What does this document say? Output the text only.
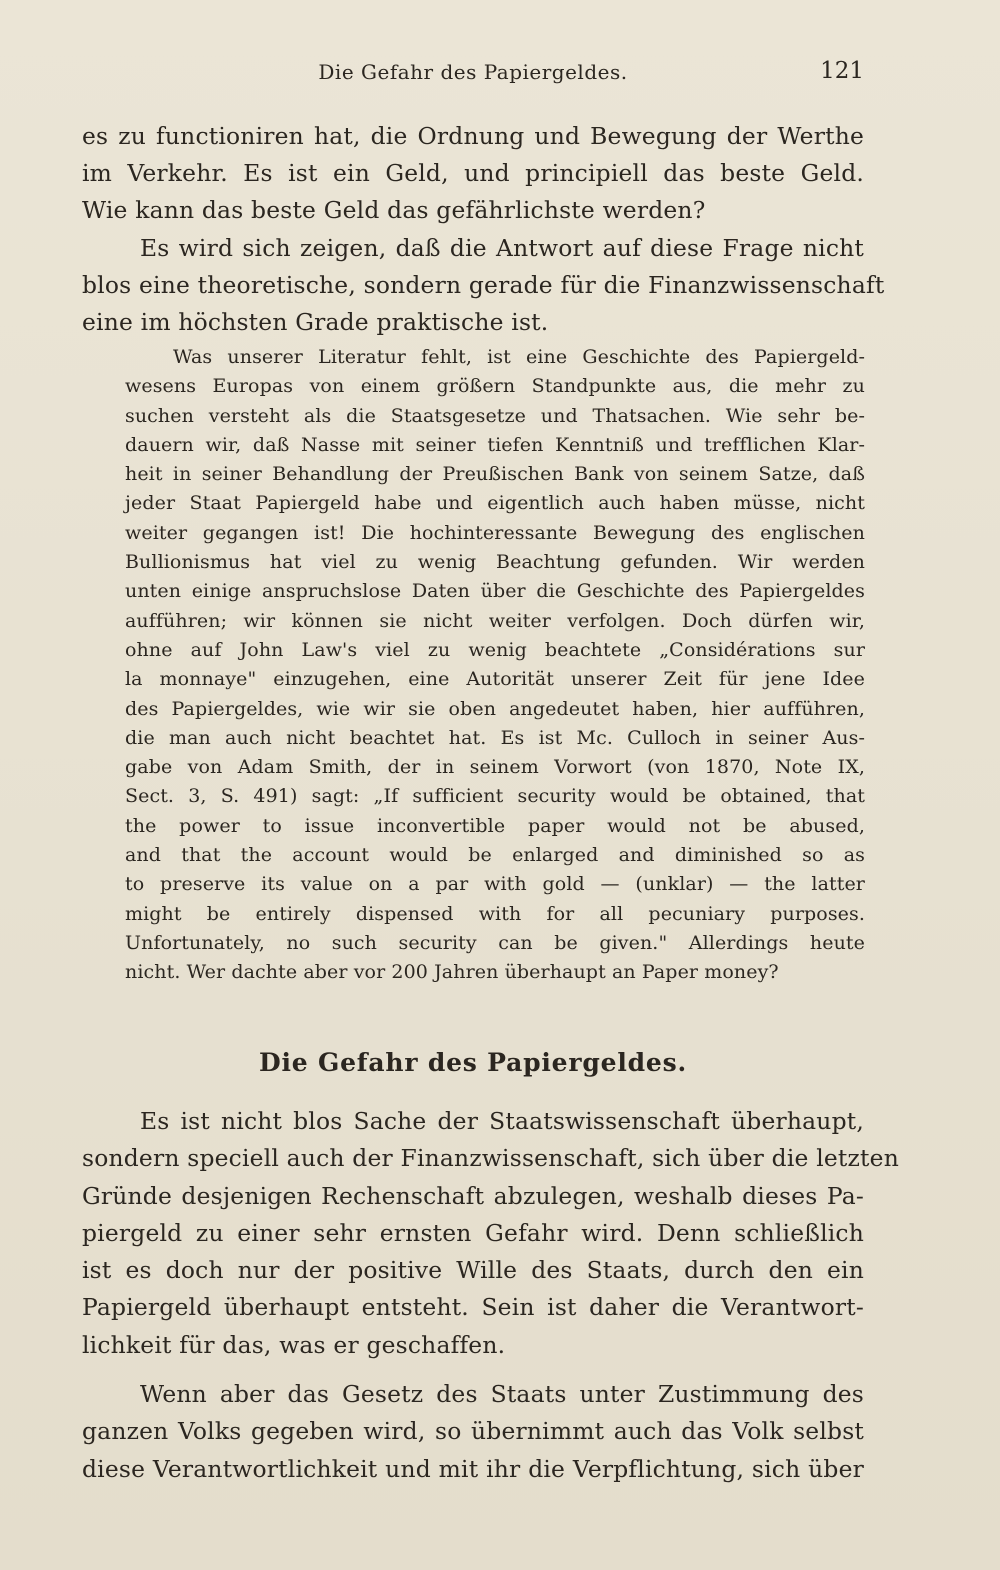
Die Gefahr des Papiergeldes.	121
es zu functioniren hat, die Ordnung und Bewegung der Werthe
im Verkehr. Es ist ein Geld, und principiell das beste Geld.
Wie kann das beste Geld das gefährlichste werden?
Es wird sich zeigen, daß die Antwort auf diese Frage nicht
blos eine theoretische, sondern gerade für die Finanzwissenschaft
eine im höchsten Grade praktische ist.
Was unserer Literatur fehlt, ist eine Geschichte des Papiergeld-
wesens Europas von einem größern Standpunkte aus, die mehr zu
suchen versteht als die Staatsgesetze und Thatsachen. Wie sehr be-
dauern wir, daß Nasse mit seiner tiefen Kenntniß und trefflichen Klar-
heit in seiner Behandlung der Preußischen Bank von seinem Satze, daß
jeder Staat Papiergeld habe und eigentlich auch haben müsse, nicht
weiter gegangen ist! Die hochinteressante Bewegung des englischen
Bullionismus hat viel zu wenig Beachtung gefunden. Wir werden
unten einige anspruchslose Daten über die Geschichte des Papiergeldes
aufführen; wir können sie nicht weiter verfolgen. Doch dürfen wir,
ohne auf John Law's viel zu wenig beachtete „Considérations sur
la monnaye" einzugehen, eine Autorität unserer Zeit für jene Idee
des Papiergeldes, wie wir sie oben angedeutet haben, hier aufführen,
die man auch nicht beachtet hat. Es ist Mc. Culloch in seiner Aus-
gabe von Adam Smith, der in seinem Vorwort (von 1870, Note IX,
Sect. 3, S. 491) sagt: „If sufficient security would be obtained, that
the power to issue inconvertible paper would not be abused,
and that the account would be enlarged and diminished so as
to preserve its value on a par with gold — (unklar) — the latter
might be entirely dispensed with for all pecuniary purposes.
Unfortunately, no such security can be given." Allerdings heute
nicht. Wer dachte aber vor 200 Jahren überhaupt an Paper money?
Die Gefahr des Papiergeldes.
Es ist nicht blos Sache der Staatswissenschaft überhaupt,
sondern speciell auch der Finanzwissenschaft, sich über die letzten
Gründe desjenigen Rechenschaft abzulegen, weshalb dieses Pa-
piergeld zu einer sehr ernsten Gefahr wird. Denn schließlich
ist es doch nur der positive Wille des Staats, durch den ein
Papiergeld überhaupt entsteht. Sein ist daher die Verantwort-
lichkeit für das, was er geschaffen.
Wenn aber das Gesetz des Staats unter Zustimmung des
ganzen Volks gegeben wird, so übernimmt auch das Volk selbst
diese Verantwortlichkeit und mit ihr die Verpflichtung, sich über
